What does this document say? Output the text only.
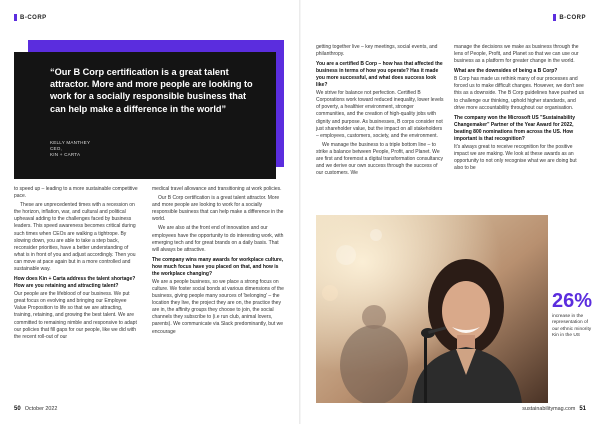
B-CORP

“Our B Corp certification is a great talent attractor. More and more people are looking to work for a socially responsible business that can help make a difference in the world”

KELLY MANTHEY
CEO,
KIN + CARTA

to speed up – leading to a more sustainable competitive pace.

These are unprecedented times with a recession on the horizon, inflation, war, and cultural and political upheaval adding to the challenges faced by business leaders. This speed awareness becomes critical during such times when CEOs are walking a tightrope. By slowing down, you are able to take a step back, reconsider priorities, have a better understanding of what is in front of you and adjust accordingly. Then you can move at pace again but in a more controlled and sustainable way.

How does Kin + Carta address the talent shortage? How are you retaining and attracting talent?

Our people are the lifeblood of our business. We put great focus on evolving and bringing our Employee Value Proposition to life so that we are attracting, training, retaining, and growing the best talent. We are committed to remaining nimble and responsive to adapt our policies that fill gaps for our people, like we did with the recent roll-out of our

medical travel allowance and transitioning at work policies.

Our B Corp certification is a great talent attractor. More and more people are looking to work for a socially responsible business that can help make a difference in the world.

We are also at the front end of innovation and our employees have the opportunity to do interesting work, with emerging tech and for great brands on a daily basis. That will always be attractive.

The company wins many awards for workplace culture, how much focus have you placed on that, and how is the workplace changing?

We are a people business, so we place a strong focus on culture. We foster social bonds at various dimensions of the business, giving people many sources of 'belonging' – the location they live, the project they are on, the practice they are in, the affinity groups they choose to join, the social channels they subscribe to (i.e run club, animal lovers, parents). We communicate via Slack predominantly, but we encourage

50 October 2022
B-CORP

getting together live – key meetings, social events, and philanthropy.

You are a certified B Corp – how has that affected the business in terms of how you operate? Has it made you more successful, and what does success look like?

We strive for balance not perfection. Certified B Corporations work toward reduced inequality, lower levels of poverty, a healthier environment, stronger communities, and the creation of high-quality jobs with dignity and purpose. As businesses, B corps consider not just shareholder value, but the impact on all stakeholders – employees, customers, society, and the environment.

We manage the business to a triple bottom line – to strike a balance between People, Profit, and Planet. We are first and foremost a digital transformation consultancy and we derive our own success through the success of our customers. We

manage the decisions we make as business through the lens of People, Profit, and Planet so that we can use our business as a platform for greater change in the world.

What are the downsides of being a B Corp?

B Corp has made us rethink many of our processes and forced us to make difficult changes. However, we don't see this as a downside. The B Corp guidelines have pushed us to challenge our thinking, uphold higher standards, and drive more accountability throughout our organisation.

The company won the Microsoft US "Sustainability Changemaker" Partner of the Year Award for 2022, beating 800 nominations from across the US. How important is that recognition?

It's always great to receive recognition for the positive impact we are making. We look at these awards as an opportunity to not only recognise what we are doing but also to be

26%

increase in the representation of our ethnic minority Kin in the US
sustainabilitymag.com 51
